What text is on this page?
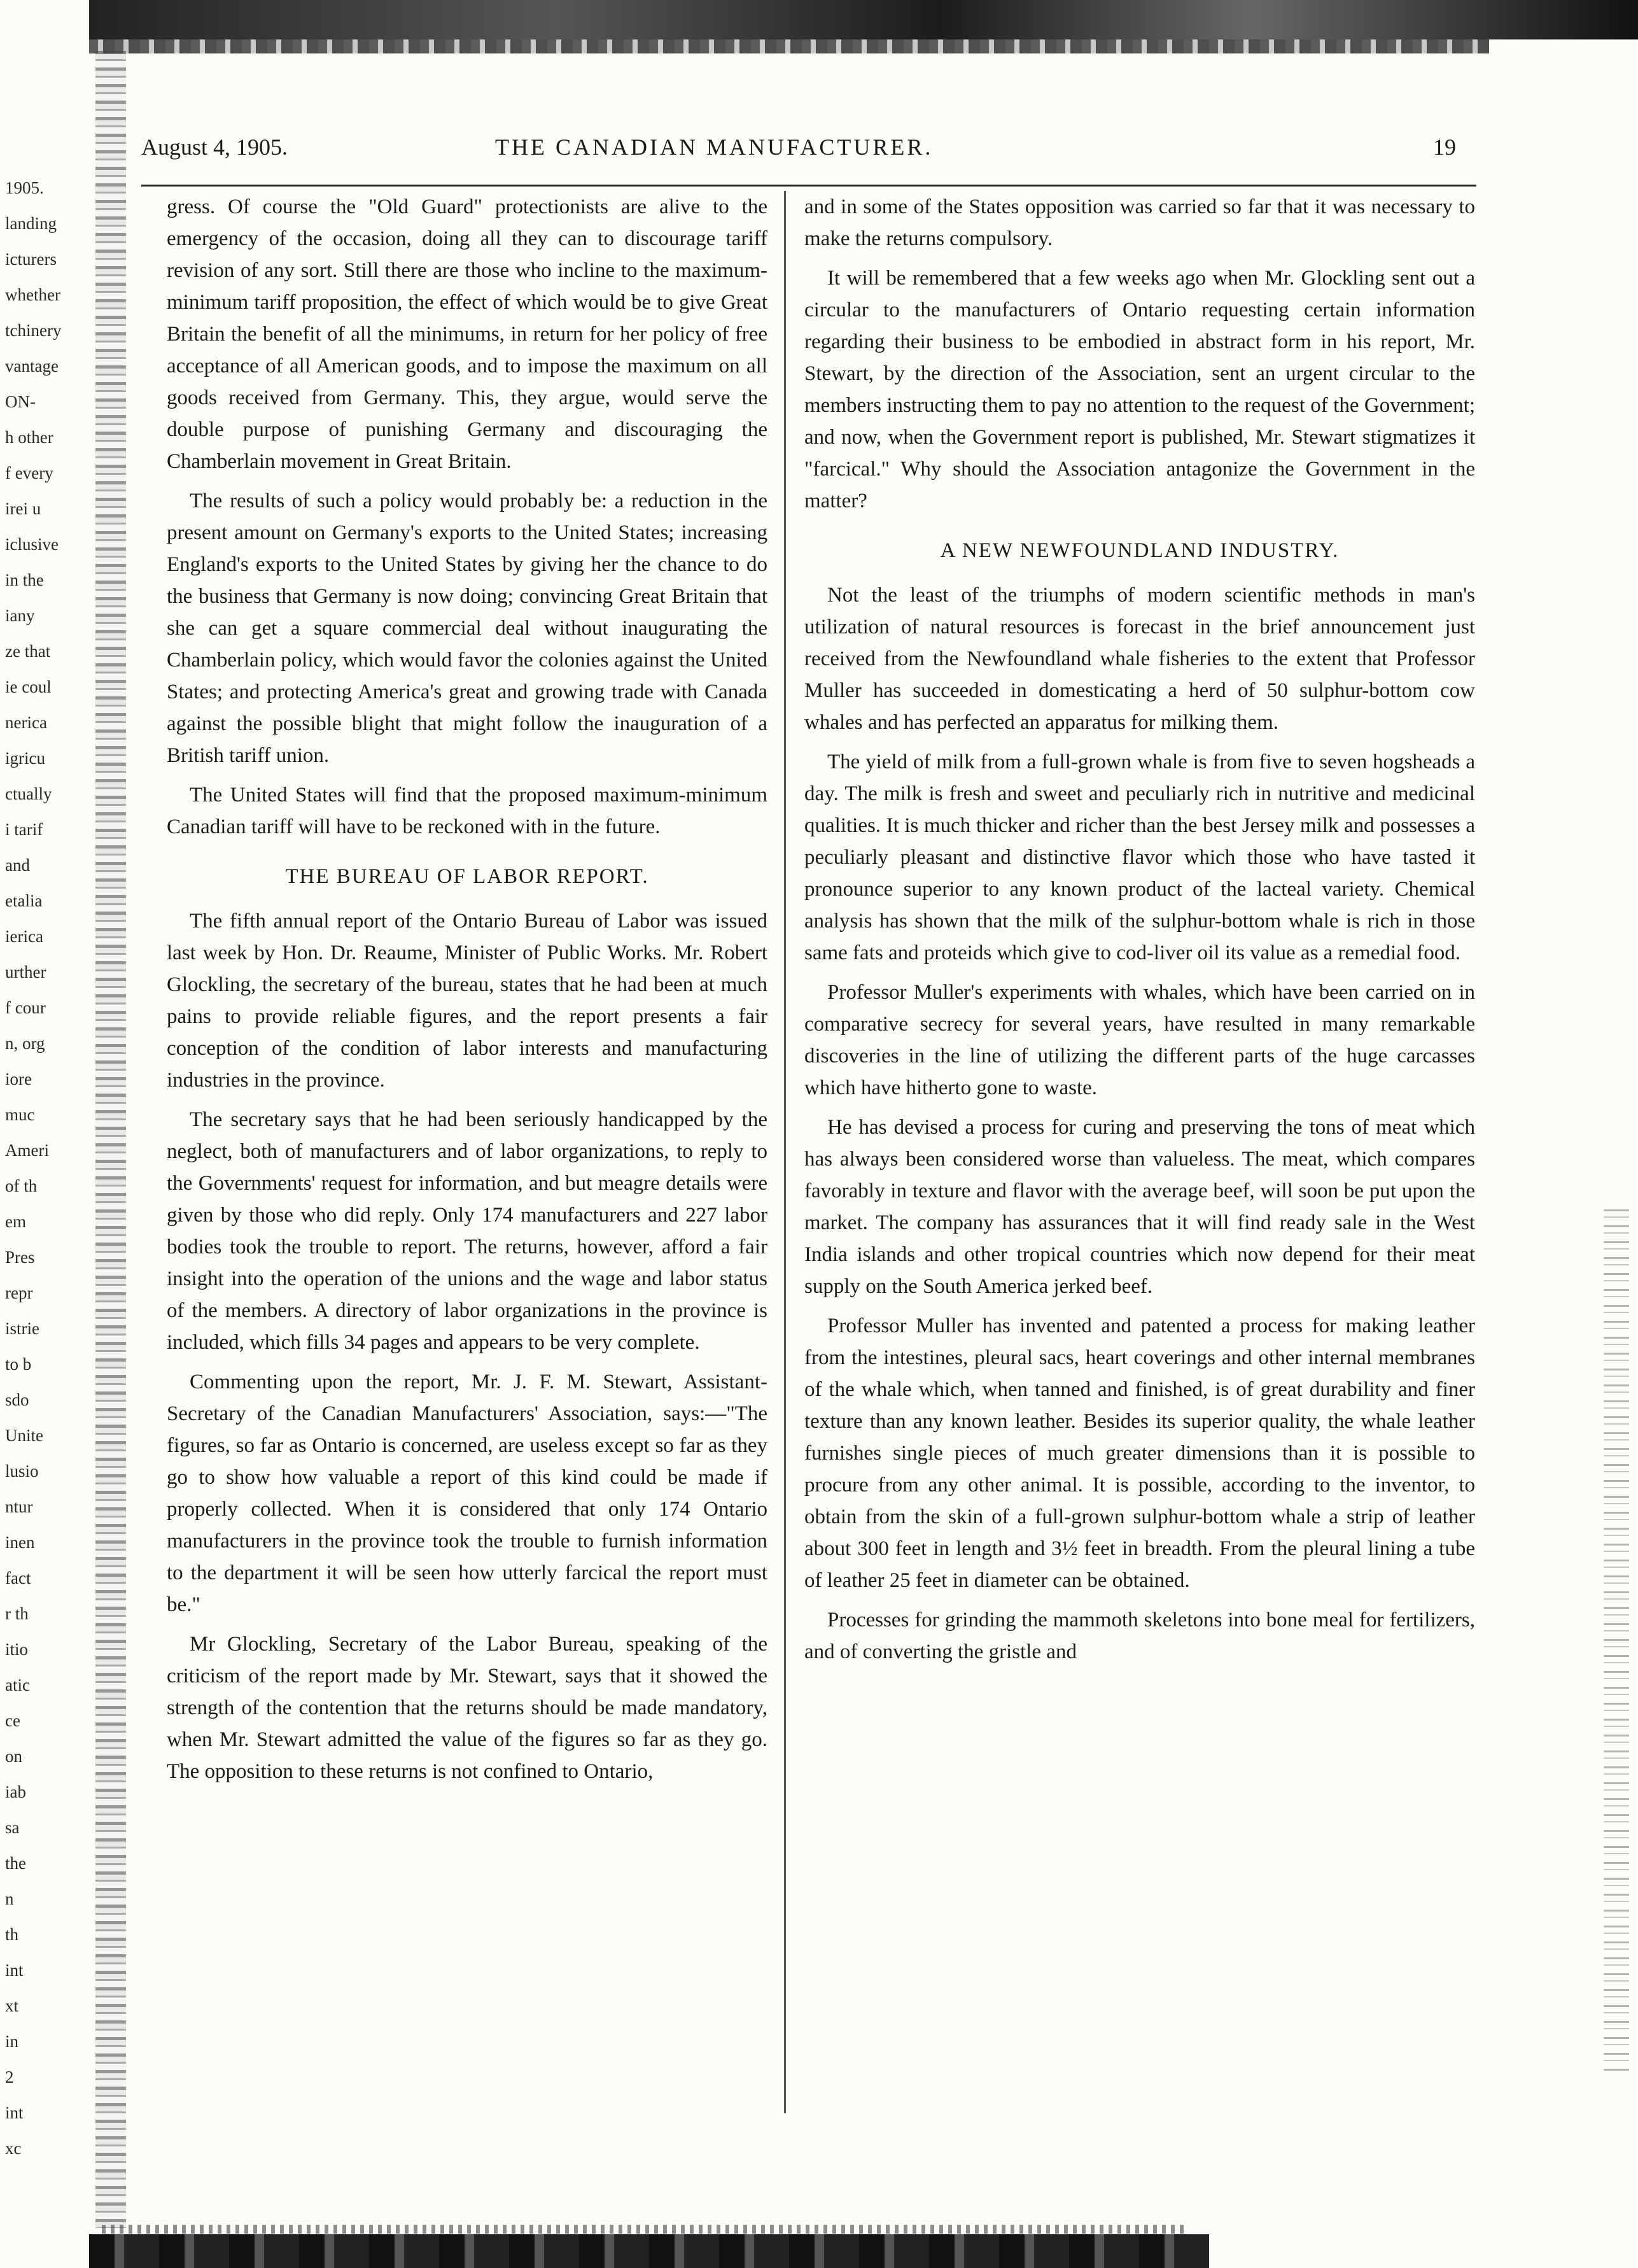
1905.
landing
icturers
whether
tchinery
vantage
ON-
h other
f every
irei u
iclusive
in the
iany
ze that
ie coul
nerica
igricu
ctually
i tarif
and
etalia
ierica
urther
f cour
n, org
iore
muc
Ameri
of th
em
Pres
repr
istrie
to b
sdo
Unite
lusio
ntur
inen
fact
r th
itio
atic
ce
on
iab
sa
the
n
th
int
xt
in
2
int
xc
August 4, 1905.	THE CANADIAN MANUFACTURER.	19

gress. Of course the "Old Guard" protectionists are alive to the emergency of the occasion, doing all they can to discourage tariff revision of any sort. Still there are those who incline to the maximum-minimum tariff proposition, the effect of which would be to give Great Britain the benefit of all the minimums, in return for her policy of free acceptance of all American goods, and to impose the maximum on all goods received from Germany. This, they argue, would serve the double purpose of punishing Germany and discouraging the Chamberlain movement in Great Britain.

The results of such a policy would probably be: a reduction in the present amount on Germany's exports to the United States; increasing England's exports to the United States by giving her the chance to do the business that Germany is now doing; convincing Great Britain that she can get a square commercial deal without inaugurating the Chamberlain policy, which would favor the colonies against the United States; and protecting America's great and growing trade with Canada against the possible blight that might follow the inauguration of a British tariff union.

The United States will find that the proposed maximum-minimum Canadian tariff will have to be reckoned with in the future.

THE BUREAU OF LABOR REPORT.

The fifth annual report of the Ontario Bureau of Labor was issued last week by Hon. Dr. Reaume, Minister of Public Works. Mr. Robert Glockling, the secretary of the bureau, states that he had been at much pains to provide reliable figures, and the report presents a fair conception of the condition of labor interests and manufacturing industries in the province.

The secretary says that he had been seriously handicapped by the neglect, both of manufacturers and of labor organizations, to reply to the Governments' request for information, and but meagre details were given by those who did reply. Only 174 manufacturers and 227 labor bodies took the trouble to report. The returns, however, afford a fair insight into the operation of the unions and the wage and labor status of the members. A directory of labor organizations in the province is included, which fills 34 pages and appears to be very complete.

Commenting upon the report, Mr. J. F. M. Stewart, Assistant-Secretary of the Canadian Manufacturers' Association, says:—"The figures, so far as Ontario is concerned, are useless except so far as they go to show how valuable a report of this kind could be made if properly collected. When it is considered that only 174 Ontario manufacturers in the province took the trouble to furnish information to the department it will be seen how utterly farcical the report must be."

Mr Glockling, Secretary of the Labor Bureau, speaking of the criticism of the report made by Mr. Stewart, says that it showed the strength of the contention that the returns should be made mandatory, when Mr. Stewart admitted the value of the figures so far as they go. The opposition to these returns is not confined to Ontario,

and in some of the States opposition was carried so far that it was necessary to make the returns compulsory.

It will be remembered that a few weeks ago when Mr. Glockling sent out a circular to the manufacturers of Ontario requesting certain information regarding their business to be embodied in abstract form in his report, Mr. Stewart, by the direction of the Association, sent an urgent circular to the members instructing them to pay no attention to the request of the Government; and now, when the Government report is published, Mr. Stewart stigmatizes it "farcical." Why should the Association antagonize the Government in the matter?

A NEW NEWFOUNDLAND INDUSTRY.

Not the least of the triumphs of modern scientific methods in man's utilization of natural resources is forecast in the brief announcement just received from the Newfoundland whale fisheries to the extent that Professor Muller has succeeded in domesticating a herd of 50 sulphur-bottom cow whales and has perfected an apparatus for milking them.

The yield of milk from a full-grown whale is from five to seven hogsheads a day. The milk is fresh and sweet and peculiarly rich in nutritive and medicinal qualities. It is much thicker and richer than the best Jersey milk and possesses a peculiarly pleasant and distinctive flavor which those who have tasted it pronounce superior to any known product of the lacteal variety. Chemical analysis has shown that the milk of the sulphur-bottom whale is rich in those same fats and proteids which give to cod-liver oil its value as a remedial food.

Professor Muller's experiments with whales, which have been carried on in comparative secrecy for several years, have resulted in many remarkable discoveries in the line of utilizing the different parts of the huge carcasses which have hitherto gone to waste.

He has devised a process for curing and preserving the tons of meat which has always been considered worse than valueless. The meat, which compares favorably in texture and flavor with the average beef, will soon be put upon the market. The company has assurances that it will find ready sale in the West India islands and other tropical countries which now depend for their meat supply on the South America jerked beef.

Professor Muller has invented and patented a process for making leather from the intestines, pleural sacs, heart coverings and other internal membranes of the whale which, when tanned and finished, is of great durability and finer texture than any known leather. Besides its superior quality, the whale leather furnishes single pieces of much greater dimensions than it is possible to procure from any other animal. It is possible, according to the inventor, to obtain from the skin of a full-grown sulphur-bottom whale a strip of leather about 300 feet in length and 3½ feet in breadth. From the pleural lining a tube of leather 25 feet in diameter can be obtained.

Processes for grinding the mammoth skeletons into bone meal for fertilizers, and of converting the gristle and
